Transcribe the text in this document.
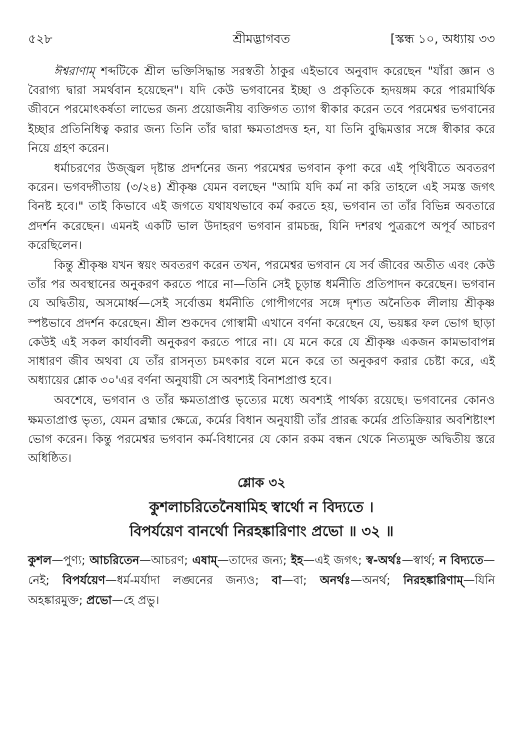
৫২৮	শ্রীমদ্ভাগবত	[স্কন্ধ ১০, অধ্যায় ৩৩

ঈশ্বরাণাম্ শব্দটিকে শ্রীল ভক্তিসিদ্ধান্ত সরস্বতী ঠাকুর এইভাবে অনুবাদ করেছেন "যাঁরা জ্ঞান ও বৈরাগ্য দ্বারা সমর্থবান হয়েছেন"। যদি কেউ ভগবানের ইচ্ছা ও প্রকৃতিকে হৃদয়ঙ্গম করে পারমার্থিক জীবনে পরমোৎকর্ষতা লাভের জন্য প্রয়োজনীয় ব্যক্তিগত ত্যাগ স্বীকার করেন তবে পরমেশ্বর ভগবানের ইচ্ছার প্রতিনিধিত্ব করার জন্য তিনি তাঁর দ্বারা ক্ষমতাপ্রদত্ত হন, যা তিনি বুদ্ধিমত্তার সঙ্গে স্বীকার করে নিয়ে গ্রহণ করেন।

ধর্মাচরণের উজ্জ্বল দৃষ্টান্ত প্রদর্শনের জন্য পরমেশ্বর ভগবান কৃপা করে এই পৃথিবীতে অবতরণ করেন। ভগবদ্গীতায় (৩/২৪) শ্রীকৃষ্ণ যেমন বলছেন "আমি যদি কর্ম না করি তাহলে এই সমস্ত জগৎ বিনষ্ট হবে।" তাই কিভাবে এই জগতে যথাযথভাবে কর্ম করতে হয়, ভগবান তা তাঁর বিভিন্ন অবতারে প্রদর্শন করেছেন। এমনই একটি ভাল উদাহরণ ভগবান রামচন্দ্র, যিনি দশরথ পুত্ররূপে অপূর্ব আচরণ করেছিলেন।

কিন্তু শ্রীকৃষ্ণ যখন স্বয়ং অবতরণ করেন তখন, পরমেশ্বর ভগবান যে সর্ব জীবের অতীত এবং কেউ তাঁর পর অবস্থানের অনুকরণ করতে পারে না—তিনি সেই চূড়ান্ত ধর্মনীতি প্রতিপাদন করেছেন। ভগবান যে অদ্বিতীয়, অসমোর্ধ্ব—সেই সর্বোত্তম ধর্মনীতি গোপীগণের সঙ্গে দৃশ্যত অনৈতিক লীলায় শ্রীকৃষ্ণ স্পষ্টভাবে প্রদর্শন করেছেন। শ্রীল শুকদেব গোস্বামী এখানে বর্ণনা করেছেন যে, ভয়ঙ্কর ফল ভোগ ছাড়া কেউই এই সকল কার্যাবলী অনুকরণ করতে পারে না। যে মনে করে যে শ্রীকৃষ্ণ একজন কামভাবাপন্ন সাধারণ জীব অথবা যে তাঁর রাসনৃত্য চমৎকার বলে মনে করে তা অনুকরণ করার চেষ্টা করে, এই অধ্যায়ের শ্লোক ৩০'এর বর্ণনা অনুযায়ী সে অবশ্যই বিনাশপ্রাপ্ত হবে।

অবশেষে, ভগবান ও তাঁর ক্ষমতাপ্রাপ্ত ভৃত্যের মধ্যে অবশ্যই পার্থক্য রয়েছে। ভগবানের কোনও ক্ষমতাপ্রাপ্ত ভৃত্য, যেমন ব্রহ্মার ক্ষেত্রে, কর্মের বিধান অনুযায়ী তাঁর প্রারব্ধ কর্মের প্রতিক্রিয়ার অবশিষ্টাংশ ভোগ করেন। কিন্তু পরমেশ্বর ভগবান কর্ম-বিধানের যে কোন রকম বন্ধন থেকে নিত্যমুক্ত অদ্বিতীয় স্তরে অধিষ্ঠিত।

শ্লোক ৩২

কুশলাচরিতেনৈষামিহ স্বার্থো ন বিদ্যতে ।

বিপর্যয়েণ বানর্থো নিরহঙ্কারিণাং প্রভো ॥ ৩২ ॥

কুশল—পুণ্য; আচরিতেন—আচরণ; এষাম্—তাদের জন্য; ইহ—এই জগৎ; স্ব-অর্থঃ—স্বার্থ; ন বিদ্যতে—নেই; বিপর্যয়েণ—ধর্ম-মর্যাদা লঙ্ঘনের জন্যও; বা—বা; অনর্থঃ—অনর্থ; নিরহঙ্কারিণাম্—যিনি অহঙ্কারমুক্ত; প্রভো—হে প্রভু।
